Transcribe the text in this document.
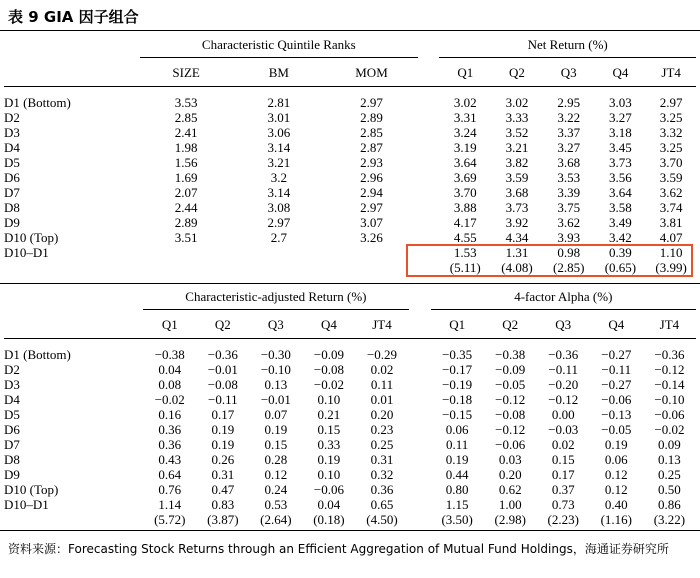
表 9 GIA 因子组合
	Characteristic Quintile Ranks				Net Return (%)				
	SIZE	BM	MOM		Q1	Q2	Q3	Q4	JT4

D1 (Bottom)	3.53	2.81	2.97		3.02	3.02	2.95	3.03	2.97
D2	2.85	3.01	2.89		3.31	3.33	3.22	3.27	3.25
D3	2.41	3.06	2.85		3.24	3.52	3.37	3.18	3.32
D4	1.98	3.14	2.87		3.19	3.21	3.27	3.45	3.25
D5	1.56	3.21	2.93		3.64	3.82	3.68	3.73	3.70
D6	1.69	3.2	2.96		3.69	3.59	3.53	3.56	3.59
D7	2.07	3.14	2.94		3.70	3.68	3.39	3.64	3.62
D8	2.44	3.08	2.97		3.88	3.73	3.75	3.58	3.74
D9	2.89	2.97	3.07		4.17	3.92	3.62	3.49	3.81
D10 (Top)	3.51	2.7	3.26		4.55	4.34	3.93	3.42	4.07
D10–D1					1.53	1.31	0.98	0.39	1.10
					(5.11)	(4.08)	(2.85)	(0.65)	(3.99)
	Characteristic-adjusted Return (%)						4-factor Alpha (%)				
	Q1	Q2	Q3	Q4	JT4		Q1	Q2	Q3	Q4	JT4

D1 (Bottom)	−0.38	−0.36	−0.30	−0.09	−0.29		−0.35	−0.38	−0.36	−0.27	−0.36
D2	0.04	−0.01	−0.10	−0.08	0.02		−0.17	−0.09	−0.11	−0.11	−0.12
D3	0.08	−0.08	0.13	−0.02	0.11		−0.19	−0.05	−0.20	−0.27	−0.14
D4	−0.02	−0.11	−0.01	0.10	0.01		−0.18	−0.12	−0.12	−0.06	−0.10
D5	0.16	0.17	0.07	0.21	0.20		−0.15	−0.08	0.00	−0.13	−0.06
D6	0.36	0.19	0.19	0.15	0.23		0.06	−0.12	−0.03	−0.05	−0.02
D7	0.36	0.19	0.15	0.33	0.25		0.11	−0.06	0.02	0.19	0.09
D8	0.43	0.26	0.28	0.19	0.31		0.19	0.03	0.15	0.06	0.13
D9	0.64	0.31	0.12	0.10	0.32		0.44	0.20	0.17	0.12	0.25
D10 (Top)	0.76	0.47	0.24	−0.06	0.36		0.80	0.62	0.37	0.12	0.50
D10–D1	1.14	0.83	0.53	0.04	0.65		1.15	1.00	0.73	0.40	0.86
	(5.72)	(3.87)	(2.64)	(0.18)	(4.50)		(3.50)	(2.98)	(2.23)	(1.16)	(3.22)
资料来源：Forecasting Stock Returns through an Efficient Aggregation of Mutual Fund Holdings，海通证券研究所
